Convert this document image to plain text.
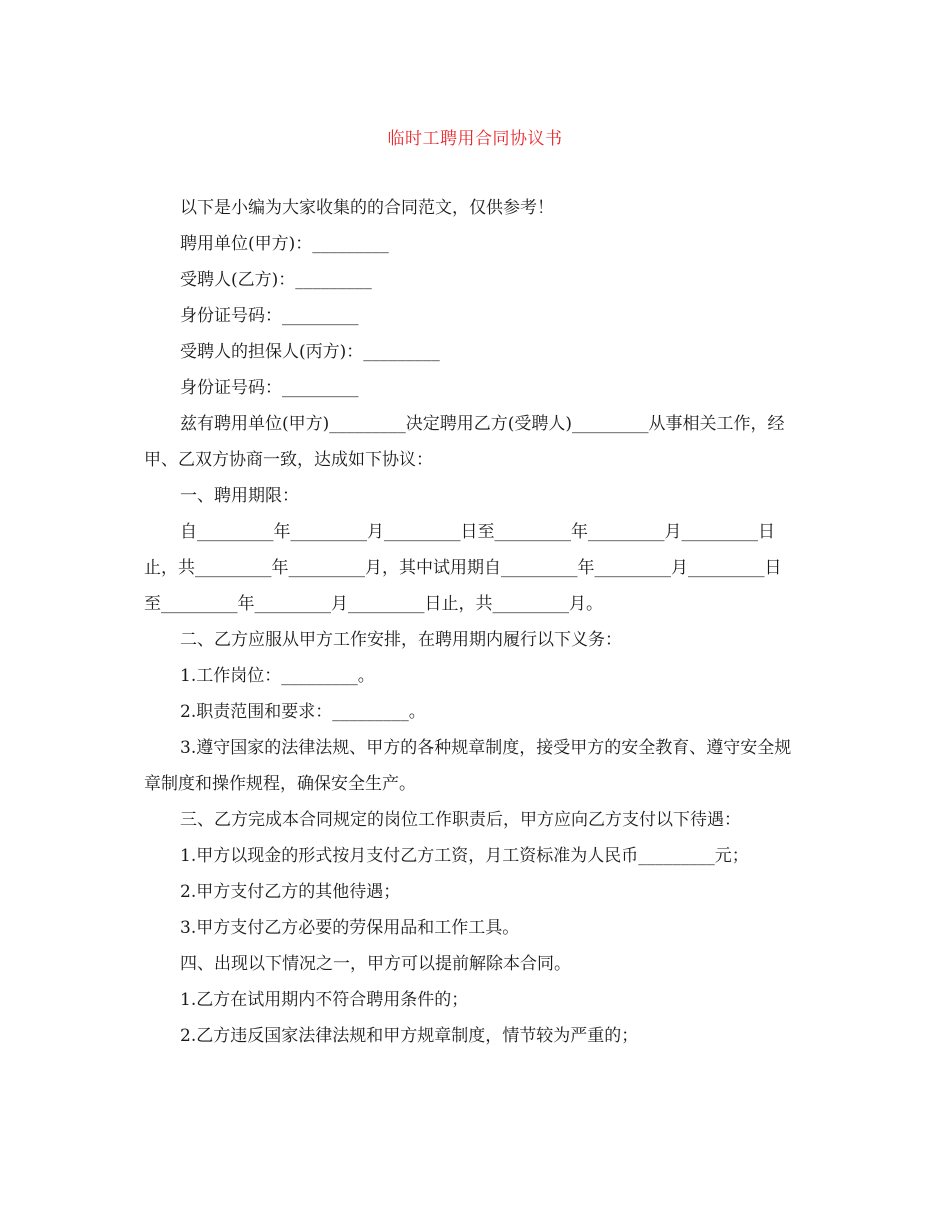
临时工聘用合同协议书

以下是小编为大家收集的的合同范文，仅供参考！

聘用单位(甲方)：_________

受聘人(乙方)：_________

身份证号码：_________

受聘人的担保人(丙方)：_________

身份证号码：_________

兹有聘用单位(甲方)_________决定聘用乙方(受聘人)_________从事相关工作，经甲、乙双方协商一致，达成如下协议：

一、聘用期限：

自_________年_________月_________日至_________年_________月_________日止，共_________年_________月，其中试用期自_________年_________月_________日至_________年_________月_________日止，共_________月。

二、乙方应服从甲方工作安排，在聘用期内履行以下义务：

1.工作岗位：_________。

2.职责范围和要求：_________。

3.遵守国家的法律法规、甲方的各种规章制度，接受甲方的安全教育、遵守安全规章制度和操作规程，确保安全生产。

三、乙方完成本合同规定的岗位工作职责后，甲方应向乙方支付以下待遇：

1.甲方以现金的形式按月支付乙方工资，月工资标准为人民币_________元；

2.甲方支付乙方的其他待遇；

3.甲方支付乙方必要的劳保用品和工作工具。

四、出现以下情况之一，甲方可以提前解除本合同。

1.乙方在试用期内不符合聘用条件的；

2.乙方违反国家法律法规和甲方规章制度，情节较为严重的；
